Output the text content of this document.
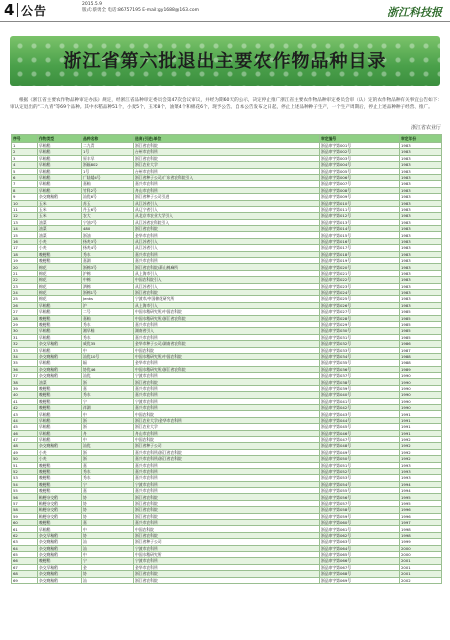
4 公告	2015.5.9
版式:蔡勇全 电话:86757195 E-mail:gy1688@163.com	浙江科技报
浙江省第六批退出主要农作物品种目录
根据《浙江省主要农作物品种审定办法》规定，经浙江省品种审定委员会第47次会议审议，并经为期60天的公示，决定停止推广浙江省主要农作物品种审定委员会审（认）定的农作物品种有关事宜公告如下：审认定退出的"二九青"等69个品种。其中水稻品种51个，小麦5个，玉米8个，油菜4个和棉花6个，现予公告。自本公告发布之日起，停止上述品种种子生产，一个生产周期后，停止上述品种种子经营、推广。
浙江省农业厅
序号	作物类型	品种名称	选育(引进)单位	审定编号	审定年份
1	早籼稻	二九青	浙江省农科院	浙品审字第001号	1983
2	早籼稻	1号	台州市农科所	浙品审字第002号	1983
3	早籼稻	原丰早	浙江省农科院	浙品审字第003号	1983
4	早籼稻	浙辐802	浙江农业大学	浙品审字第004号	1983
5	早籼稻	1号	台州市农科所	浙品审字第005号	1983
6	早籼稻	广陆矮4号	浙江省种子公司/广东省农科院引入	浙品审字第006号	1983
7	早籼稻	嘉籼	嘉兴市农科所	浙品审字第007号	1983
8	早籼稻	竹科2号	舟山市农科所	浙品审字第008号	1983
9	杂交晚籼稻	汕优6号	浙江省种子公司引进	浙品审字第009号	1983
10	玉米	苏玉	从江苏省引入	浙品审字第010号	1983
11	玉米	丹玉6号	从辽宁省引入	浙品审字第011号	1983
12	玉米	农大	从北京市农业大学引入	浙品审字第012号	1983
13	油菜	宁油7号	从江苏省农科院引入	浙品审字第013号	1983
14	油菜	480	浙江省农科院	浙品审字第014号	1983
15	油菜	浙油	金华市农科所	浙品审字第015号	1983
16	小麦	扬麦3号	从江苏省引入	浙品审字第016号	1983
17	小麦	扬麦4号	从江苏省引入	浙品审字第017号	1983
18	晚粳稻	秀水	嘉兴市农科所	浙品审字第018号	1983
19	晚粳稻	嘉湖	嘉兴市农科所	浙品审字第019号	1983
20	棉花	浙棉3号	浙江省农科院/萧山棉麻所	浙品审字第020号	1983
21	棉花	沪棉	从上海市引入	浙品审字第021号	1983
22	棉花	中棉	中国农科院引入	浙品审字第022号	1983
23	棉花	泗棉	从江苏省引入	浙品审字第023号	1983
24	棉花	浙棉1号	浙江省农科院	浙品审字第024号	1983
25	棉花	Jenks	宁波市/中国棉花研究所	浙品审字第025号	1983
26	早籼稻	沪	从上海市引入	浙品审字第026号	1983
27	早籼稻	二号	中国水稻研究所/中国农科院	浙品审字第027号	1985
28	晚粳稻	嘉籼	中国水稻研究所/浙江省农科院	浙品审字第028号	1985
29	晚粳稻	秀水	嘉兴市农科所	浙品审字第029号	1985
30	早籼稻	湘早籼	湖南省引入	浙品审字第030号	1985
31	早籼稻	秀水	嘉兴市农科所	浙品审字第031号	1985
32	杂交早籼稻	威优35	金华市种子公司/湖南省农科院	浙品审字第032号	1986
33	早籼稻	中	中国农科院	浙品审字第033号	1987
34	杂交晚籼稻	汕优10号	中国水稻研究所/中国农科院	浙品审字第034号	1988
35	早籼稻	辐	金华市农科所	浙品审字第035号	1988
36	杂交晚籼稻	协优46	中国水稻研究所/浙江省农科院	浙品审字第036号	1989
37	杂交晚籼稻	汕优	宁波市农科所	浙品审字第037号	1990
38	油菜	浙	浙江省农科院	浙品审字第038号	1990
39	晚粳稻	嘉	嘉兴市农科所	浙品审字第039号	1990
40	晚粳稻	秀水	嘉兴市农科所	浙品审字第040号	1990
41	晚粳稻	宁	宁波市农科所	浙品审字第041号	1990
42	晚粳稻	祥湖	嘉兴市农科所	浙品审字第042号	1990
43	早籼稻	中	中国农科院	浙品审字第043号	1991
44	早籼稻	浙	浙江农业大学/金华市农科所	浙品审字第044号	1991
45	早籼稻	浙	浙江农业大学	浙品审字第045号	1991
46	早籼稻	舟	舟山市农科所	浙品审字第046号	1991
47	早籼稻	中	中国农科院	浙品审字第047号	1992
48	杂交晚籼稻	汕优	浙江省种子公司	浙品审字第048号	1992
49	小麦	浙	嘉兴市农科所/浙江省农科院	浙品审字第049号	1992
50	小麦	浙	嘉兴市农科所/浙江省农科院	浙品审字第050号	1992
51	晚粳稻	嘉	嘉兴市农科所	浙品审字第051号	1993
52	晚粳稻	秀水	嘉兴市农科所	浙品审字第052号	1993
53	晚粳稻	秀水	嘉兴市农科所	浙品审字第053号	1993
54	晚粳稻	宁	宁波市农科所	浙品审字第054号	1994
55	晚粳稻	嘉	嘉兴市农科所	浙品审字第055号	1994
56	籼粳杂交稻	协	浙江省农科院	浙品审字第056号	1995
57	籼粳杂交稻	协	浙江省农科院	浙品审字第057号	1995
58	籼粳杂交稻	协	浙江省农科院	浙品审字第058号	1996
59	籼粳杂交稻	协	浙江省农科院	浙品审字第059号	1996
60	晚粳稻	嘉	嘉兴市农科所	浙品审字第060号	1997
61	早籼稻	中	中国农科院	浙品审字第061号	1998
62	杂交早籼稻	协	浙江省农科院	浙品审字第062号	1998
63	杂交晚籼稻	汕	浙江省种子公司	浙品审字第063号	1999
64	杂交晚籼稻	汕	宁波市农科所	浙品审字第064号	2000
65	杂交晚籼稻	中	中国水稻研究所	浙品审字第065号	2000
66	晚粳稻	宁	宁波市农科所	浙品审字第066号	2001
67	杂交早籼稻	金	金华市农科所	浙品审字第067号	2001
68	杂交晚籼稻	协	浙江省农科院	浙品审字第068号	2001
69	杂交晚籼稻	汕	浙江省农科院	浙品审字第069号	2002
